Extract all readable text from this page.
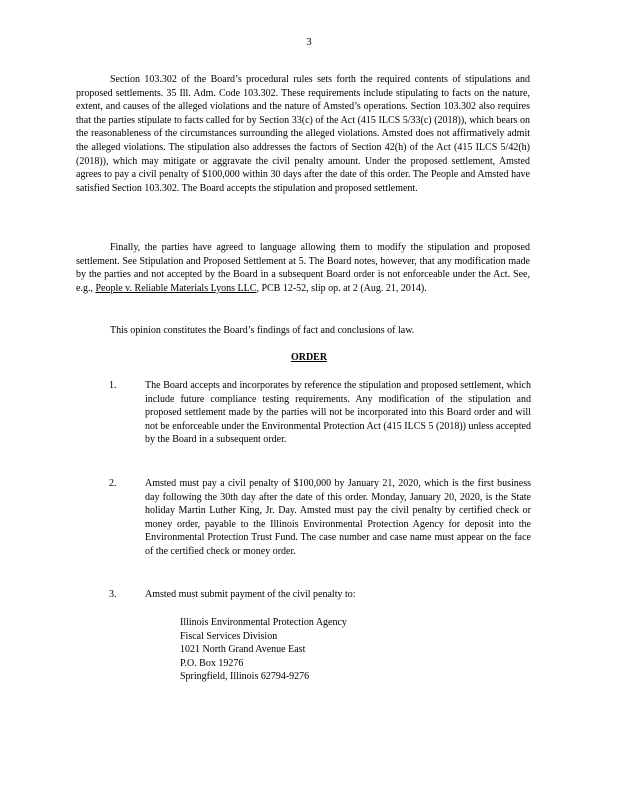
3

Section 103.302 of the Board’s procedural rules sets forth the required contents of stipulations and proposed settlements. 35 Ill. Adm. Code 103.302. These requirements include stipulating to facts on the nature, extent, and causes of the alleged violations and the nature of Amsted’s operations. Section 103.302 also requires that the parties stipulate to facts called for by Section 33(c) of the Act (415 ILCS 5/33(c) (2018)), which bears on the reasonableness of the circumstances surrounding the alleged violations. Amsted does not affirmatively admit the alleged violations. The stipulation also addresses the factors of Section 42(h) of the Act (415 ILCS 5/42(h) (2018)), which may mitigate or aggravate the civil penalty amount. Under the proposed settlement, Amsted agrees to pay a civil penalty of $100,000 within 30 days after the date of this order. The People and Amsted have satisfied Section 103.302. The Board accepts the stipulation and proposed settlement.

Finally, the parties have agreed to language allowing them to modify the stipulation and proposed settlement. See Stipulation and Proposed Settlement at 5. The Board notes, however, that any modification made by the parties and not accepted by the Board in a subsequent Board order is not enforceable under the Act. See, e.g., People v. Reliable Materials Lyons LLC, PCB 12-52, slip op. at 2 (Aug. 21, 2014).

This opinion constitutes the Board’s findings of fact and conclusions of law.

ORDER
1.	The Board accepts and incorporates by reference the stipulation and proposed settlement, which include future compliance testing requirements. Any modification of the stipulation and proposed settlement made by the parties will not be incorporated into this Board order and will not be enforceable under the Environmental Protection Act (415 ILCS 5 (2018)) unless accepted by the Board in a subsequent order.
2.	Amsted must pay a civil penalty of $100,000 by January 21, 2020, which is the first business day following the 30th day after the date of this order. Monday, January 20, 2020, is the State holiday Martin Luther King, Jr. Day. Amsted must pay the civil penalty by certified check or money order, payable to the Illinois Environmental Protection Agency for deposit into the Environmental Protection Trust Fund. The case number and case name must appear on the face of the certified check or money order.
3.	Amsted must submit payment of the civil penalty to:
Illinois Environmental Protection Agency
Fiscal Services Division
1021 North Grand Avenue East
P.O. Box 19276
Springfield, Illinois 62794-9276
